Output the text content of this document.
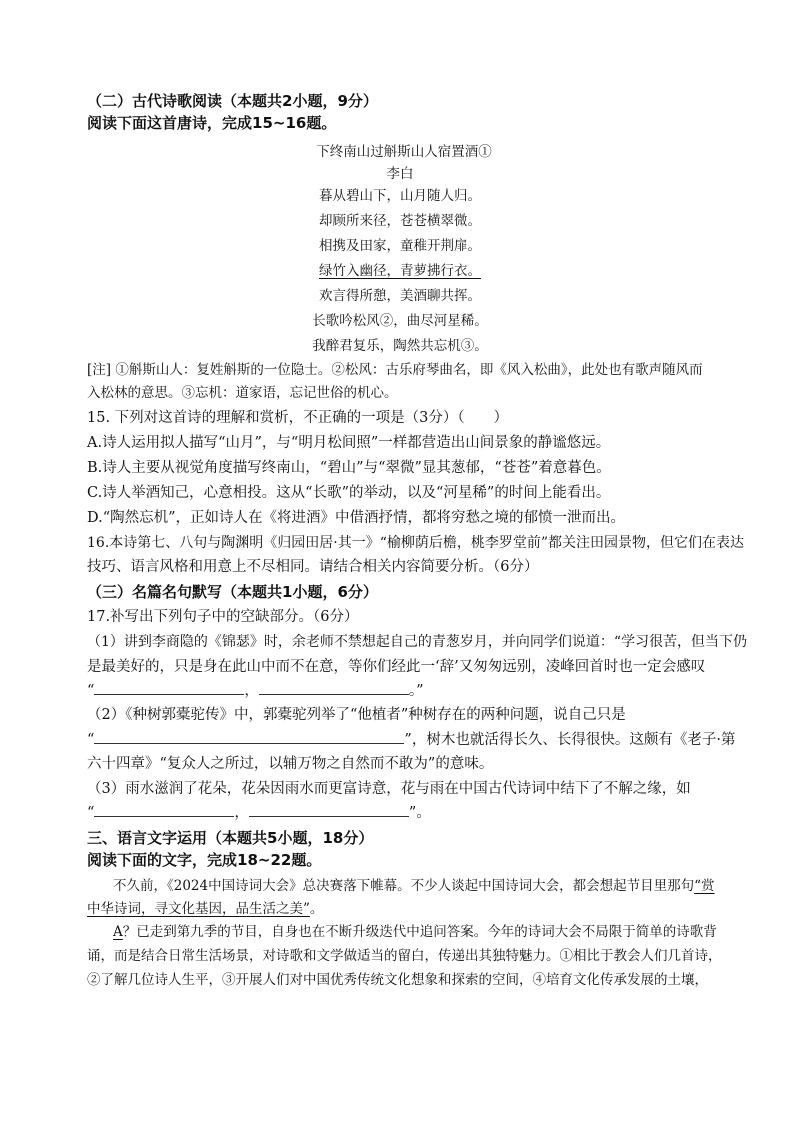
（二）古代诗歌阅读（本题共2小题，9分）
阅读下面这首唐诗，完成15~16题。
下终南山过斛斯山人宿置酒①
李白
暮从碧山下，山月随人归。
却顾所来径，苍苍横翠微。
相携及田家，童稚开荆扉。
绿竹入幽径，青萝拂行衣。
欢言得所憩，美酒聊共挥。
长歌吟松风②，曲尽河星稀。
我醉君复乐，陶然共忘机③。
[注] ①斛斯山人：复姓斛斯的一位隐士。②松风：古乐府琴曲名，即《风入松曲》，此处也有歌声随风而
入松林的意思。③忘机：道家语，忘记世俗的机心。
15. 下列对这首诗的理解和赏析，不正确的一项是（3分）（　　）
A.诗人运用拟人描写“山月”，与“明月松间照”一样都营造出山间景象的静谧悠远。
B.诗人主要从视觉角度描写终南山，“碧山”与“翠微”显其葱郁，“苍苍”着意暮色。
C.诗人举酒知己，心意相投。这从“长歌”的举动，以及“河星稀”的时间上能看出。
D.“陶然忘机”，正如诗人在《将进酒》中借酒抒情，都将穷愁之境的郁愤一泄而出。
16.本诗第七、八句与陶渊明《归园田居·其一》“榆柳荫后檐，桃李罗堂前”都关注田园景物，但它们在表达
技巧、语言风格和用意上不尽相同。请结合相关内容简要分析。（6分）
（三）名篇名句默写（本题共1小题，6分）
17.补写出下列句子中的空缺部分。（6分）
（1）讲到李商隐的《锦瑟》时，余老师不禁想起自己的青葱岁月，并向同学们说道：“学习很苦，但当下仍
是最美好的，只是身在此山中而不在意，等你们经此一‘辞’又匆匆远别，凌峰回首时也一定会感叹
“	，	。”
（2）《种树郭橐驼传》中，郭橐驼列举了“他植者”种树存在的两种问题，说自己只是
“	”，树木也就活得长久、长得很快。这颇有《老子·第
六十四章》“复众人之所过，以辅万物之自然而不敢为”的意味。
（3）雨水滋润了花朵，花朵因雨水而更富诗意，花与雨在中国古代诗词中结下了不解之缘，如
“	，	”。
三、语言文字运用（本题共5小题，18分）
阅读下面的文字，完成18~22题。
不久前，《2024中国诗词大会》总决赛落下帷幕。不少人谈起中国诗词大会，都会想起节目里那句“赏
中华诗词，寻文化基因，品生活之美”。
A？已走到第九季的节目，自身也在不断升级迭代中追问答案。今年的诗词大会不局限于简单的诗歌背
诵，而是结合日常生活场景，对诗歌和文学做适当的留白，传递出其独特魅力。①相比于教会人们几首诗，
②了解几位诗人生平，③开展人们对中国优秀传统文化想象和探索的空间，④培育文化传承发展的土壤，
